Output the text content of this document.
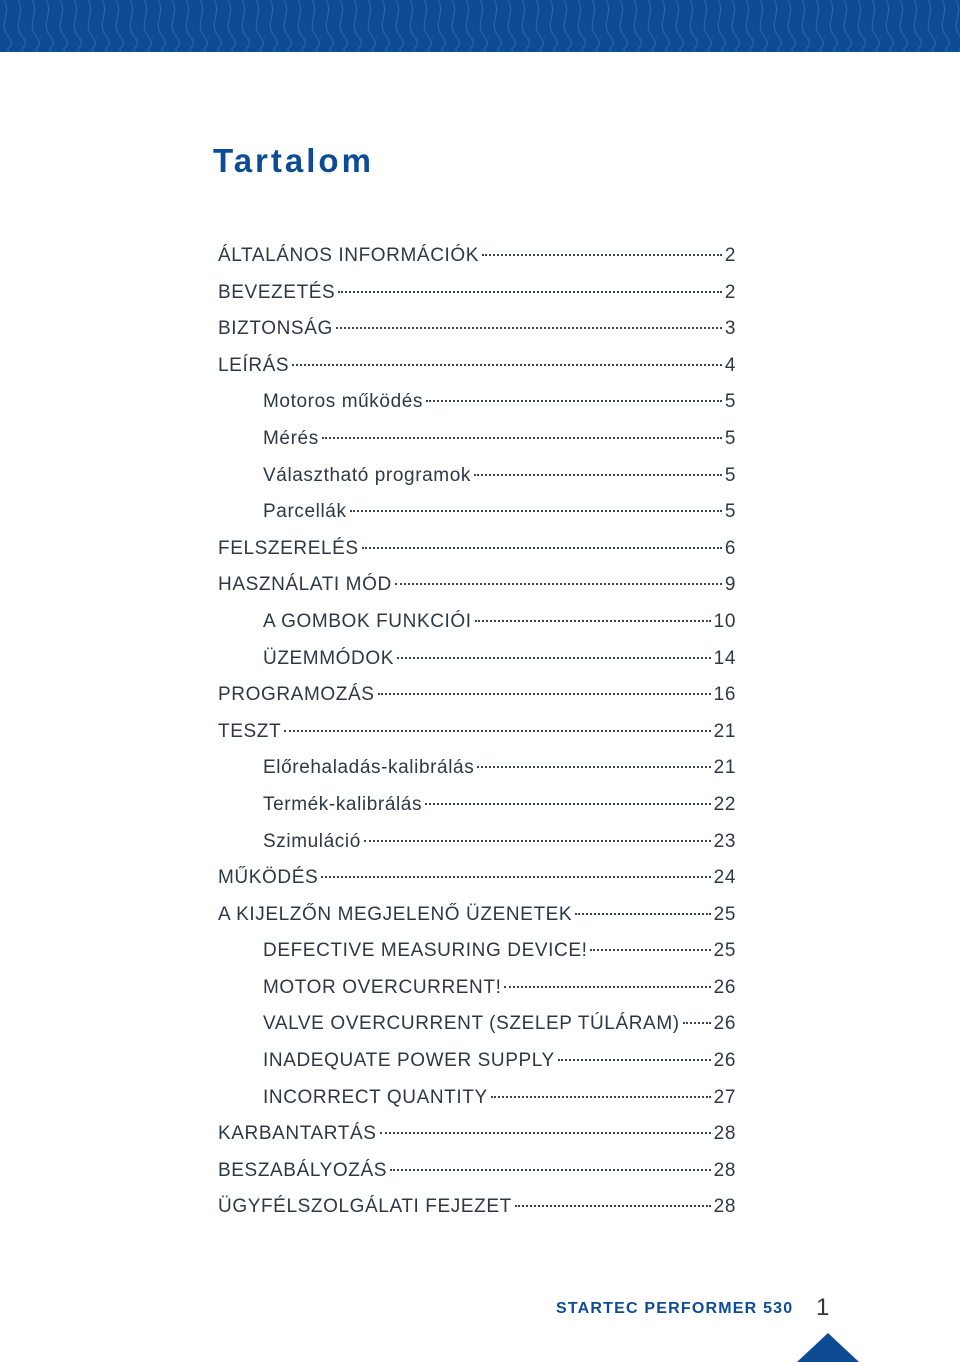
Tartalom
ÁLTALÁNOS INFORMÁCIÓK	2
BEVEZETÉS	2
BIZTONSÁG	3
LEÍRÁS	4
Motoros működés	5
Mérés	5
Választható programok	5
Parcellák	5
FELSZERELÉS	6
HASZNÁLATI MÓD	9
A GOMBOK FUNKCIÓI	10
ÜZEMMÓDOK	14
PROGRAMOZÁS	16
TESZT	21
Előrehaladás-kalibrálás	21
Termék-kalibrálás	22
Szimuláció	23
MŰKÖDÉS	24
A KIJELZŐN MEGJELENŐ ÜZENETEK	25
DEFECTIVE MEASURING DEVICE!	25
MOTOR OVERCURRENT!	26
VALVE OVERCURRENT (SZELEP TÚLÁRAM) 26
INADEQUATE POWER SUPPLY	26
INCORRECT QUANTITY	27
KARBANTARTÁS	28
BESZABÁLYOZÁS	28
ÜGYFÉLSZOLGÁLATI FEJEZET	28
STARTEC PERFORMER 530 1
